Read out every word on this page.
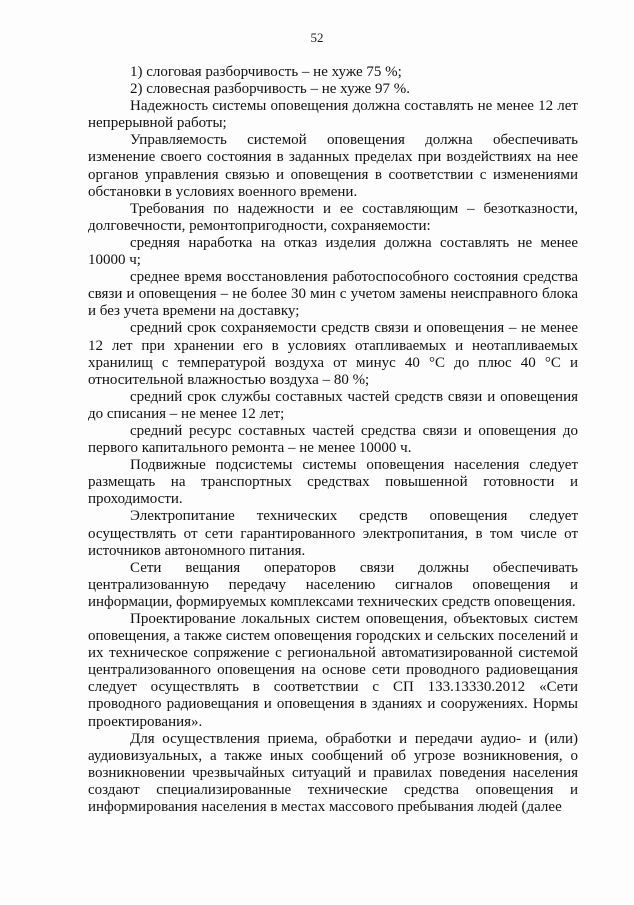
52

1) слоговая разборчивость – не хуже 75 %;

2) словесная разборчивость – не хуже 97 %.

Надежность системы оповещения должна составлять не менее 12 лет непрерывной работы;

Управляемость системой оповещения должна обеспечивать изменение своего состояния в заданных пределах при воздействиях на нее органов управления связью и оповещения в соответствии с изменениями обстановки в условиях военного времени.

Требования по надежности и ее составляющим – безотказности, долговечности, ремонтопригодности, сохраняемости:

средняя наработка на отказ изделия должна составлять не менее 10000 ч;

среднее время восстановления работоспособного состояния средства связи и оповещения – не более 30 мин с учетом замены неисправного блока и без учета времени на доставку;

средний срок сохраняемости средств связи и оповещения – не менее 12 лет при хранении его в условиях отапливаемых и неотапливаемых хранилищ с температурой воздуха от минус 40 °С до плюс 40 °С и относительной влажностью воздуха – 80 %;

средний срок службы составных частей средств связи и оповещения до списания – не менее 12 лет;

средний ресурс составных частей средства связи и оповещения до первого капитального ремонта – не менее 10000 ч.

Подвижные подсистемы системы оповещения населения следует размещать на транспортных средствах повышенной готовности и проходимости.

Электропитание технических средств оповещения следует осуществлять от сети гарантированного электропитания, в том числе от источников автономного питания.

Сети вещания операторов связи должны обеспечивать централизованную передачу населению сигналов оповещения и информации, формируемых комплексами технических средств оповещения.

Проектирование локальных систем оповещения, объектовых систем оповещения, а также систем оповещения городских и сельских поселений и их техническое сопряжение с региональной автоматизированной системой централизованного оповещения на основе сети проводного радиовещания следует осуществлять в соответствии с СП 133.13330.2012 «Сети проводного радиовещания и оповещения в зданиях и сооружениях. Нормы проектирования».

Для осуществления приема, обработки и передачи аудио- и (или) аудиовизуальных, а также иных сообщений об угрозе возникновения, о возникновении чрезвычайных ситуаций и правилах поведения населения создают специализированные технические средства оповещения и информирования населения в местах массового пребывания людей (далее
